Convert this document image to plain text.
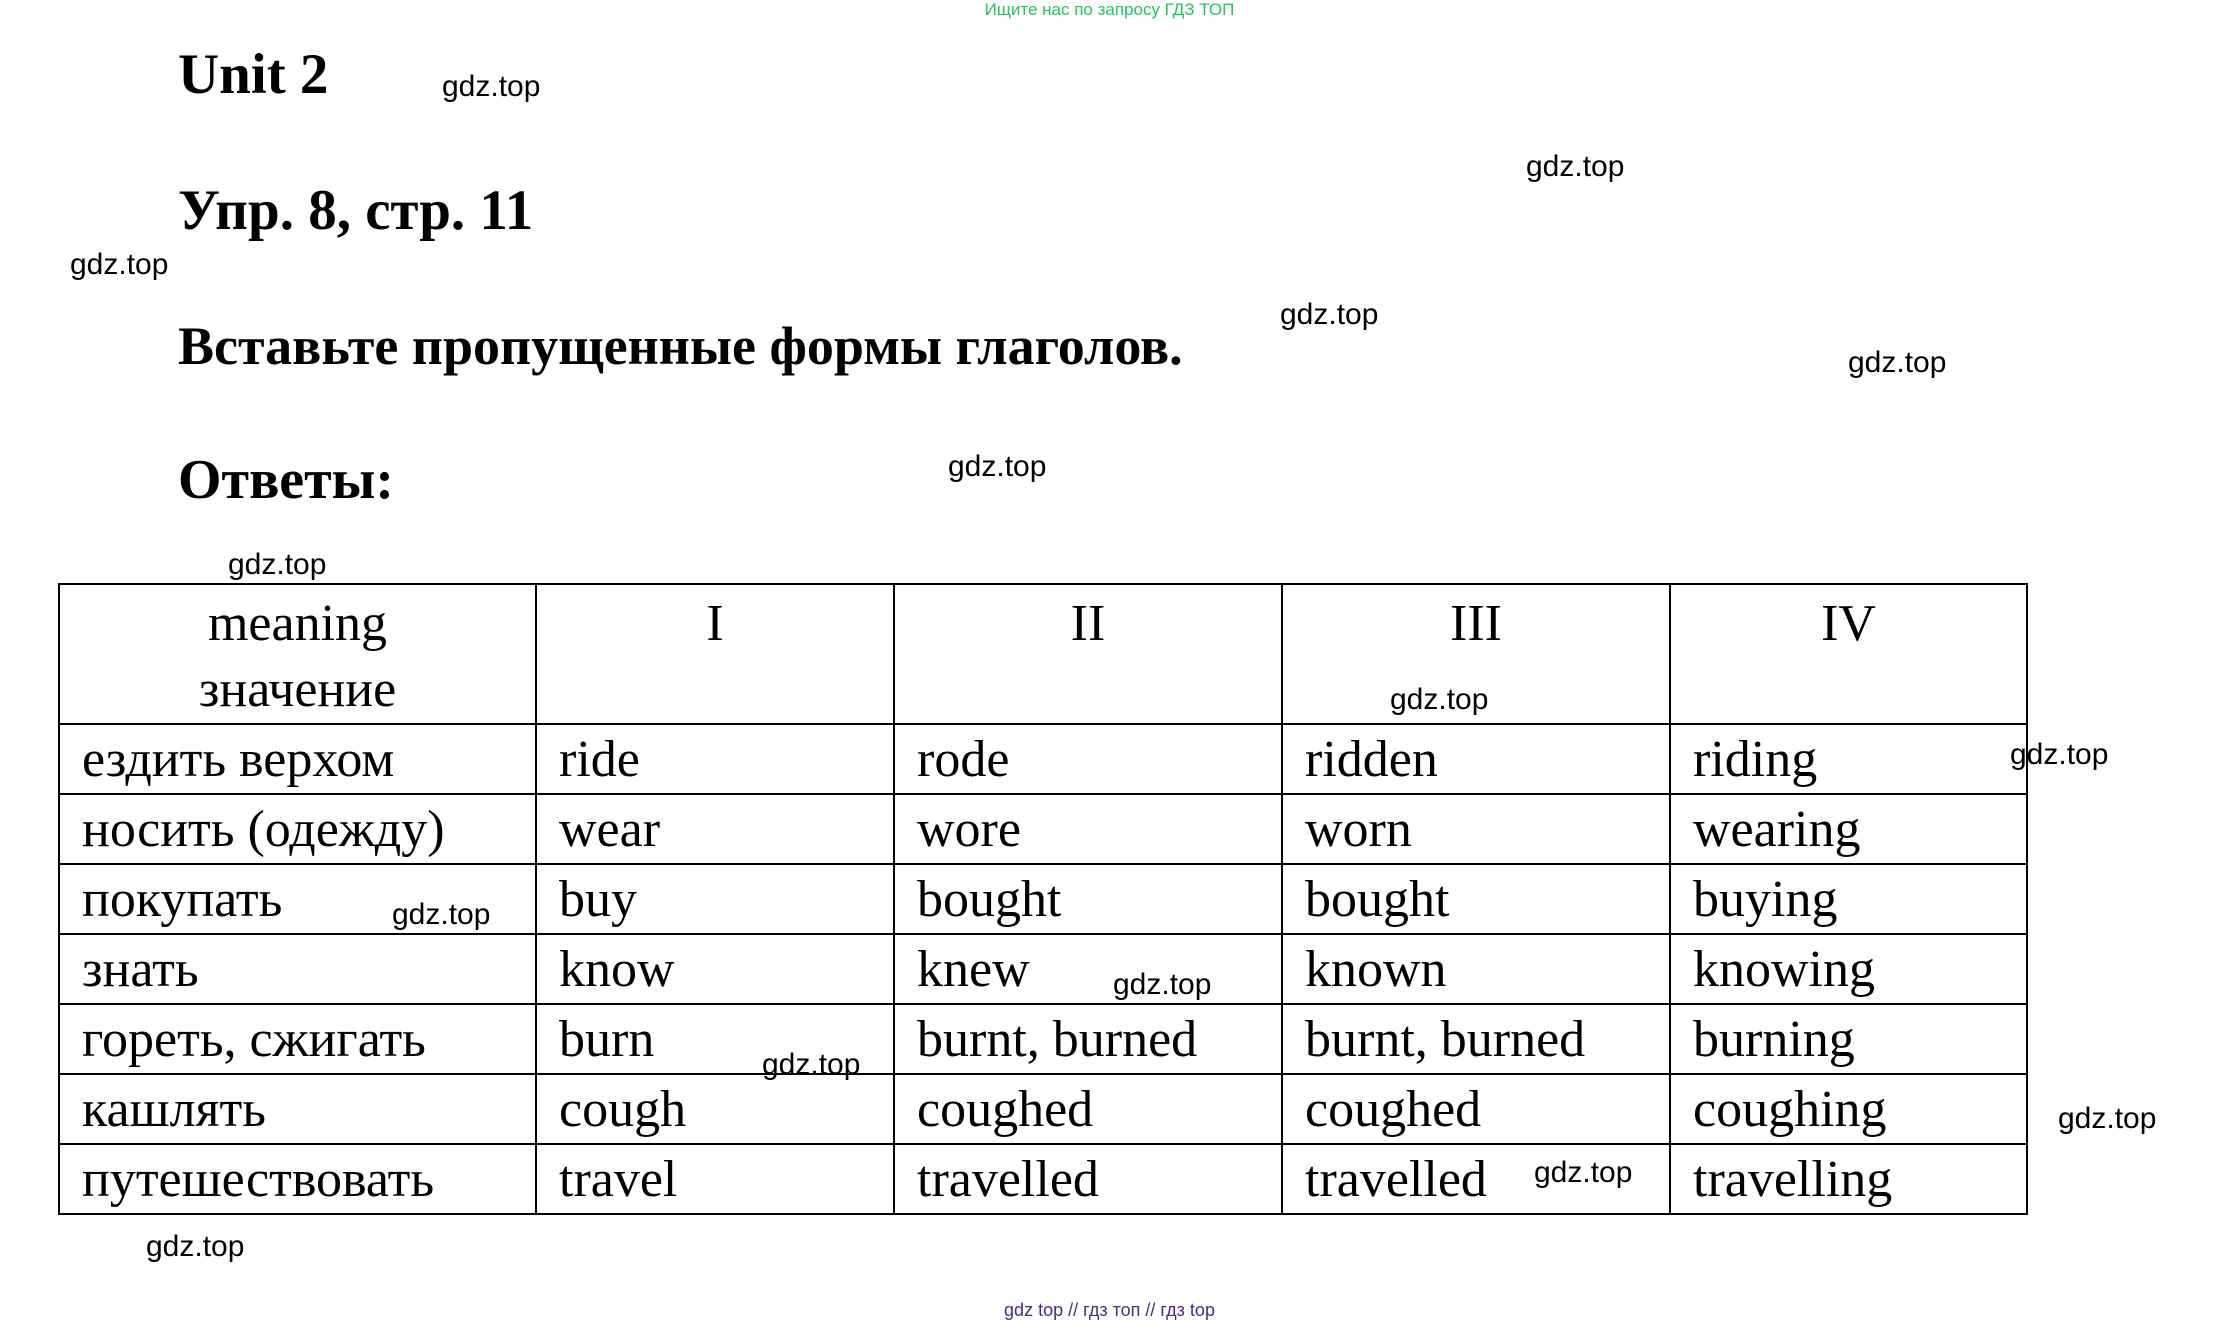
Ищите нас по запросу ГДЗ ТОП
Unit 2
Упр. 8, стр. 11
Вставьте пропущенные формы глаголов.
Ответы:
gdz.top
gdz.top
gdz.top
gdz.top
gdz.top
gdz.top
gdz.top
meaning
значение	I	II	III	IV
ездить верхом	ride	rode	ridden	riding
носить (одежду)	wear	wore	worn	wearing
покупать	buy	bought	bought	buying
знать	know	knew	known	knowing
гореть, сжигать	burn	burnt, burned	burnt, burned	burning
кашлять	cough	coughed	coughed	coughing
путешествовать	travel	travelled	travelled	travelling
gdz.top
gdz.top
gdz.top
gdz.top
gdz.top
gdz.top
gdz.top
gdz.top
gdz top // гдз топ // гдз top
